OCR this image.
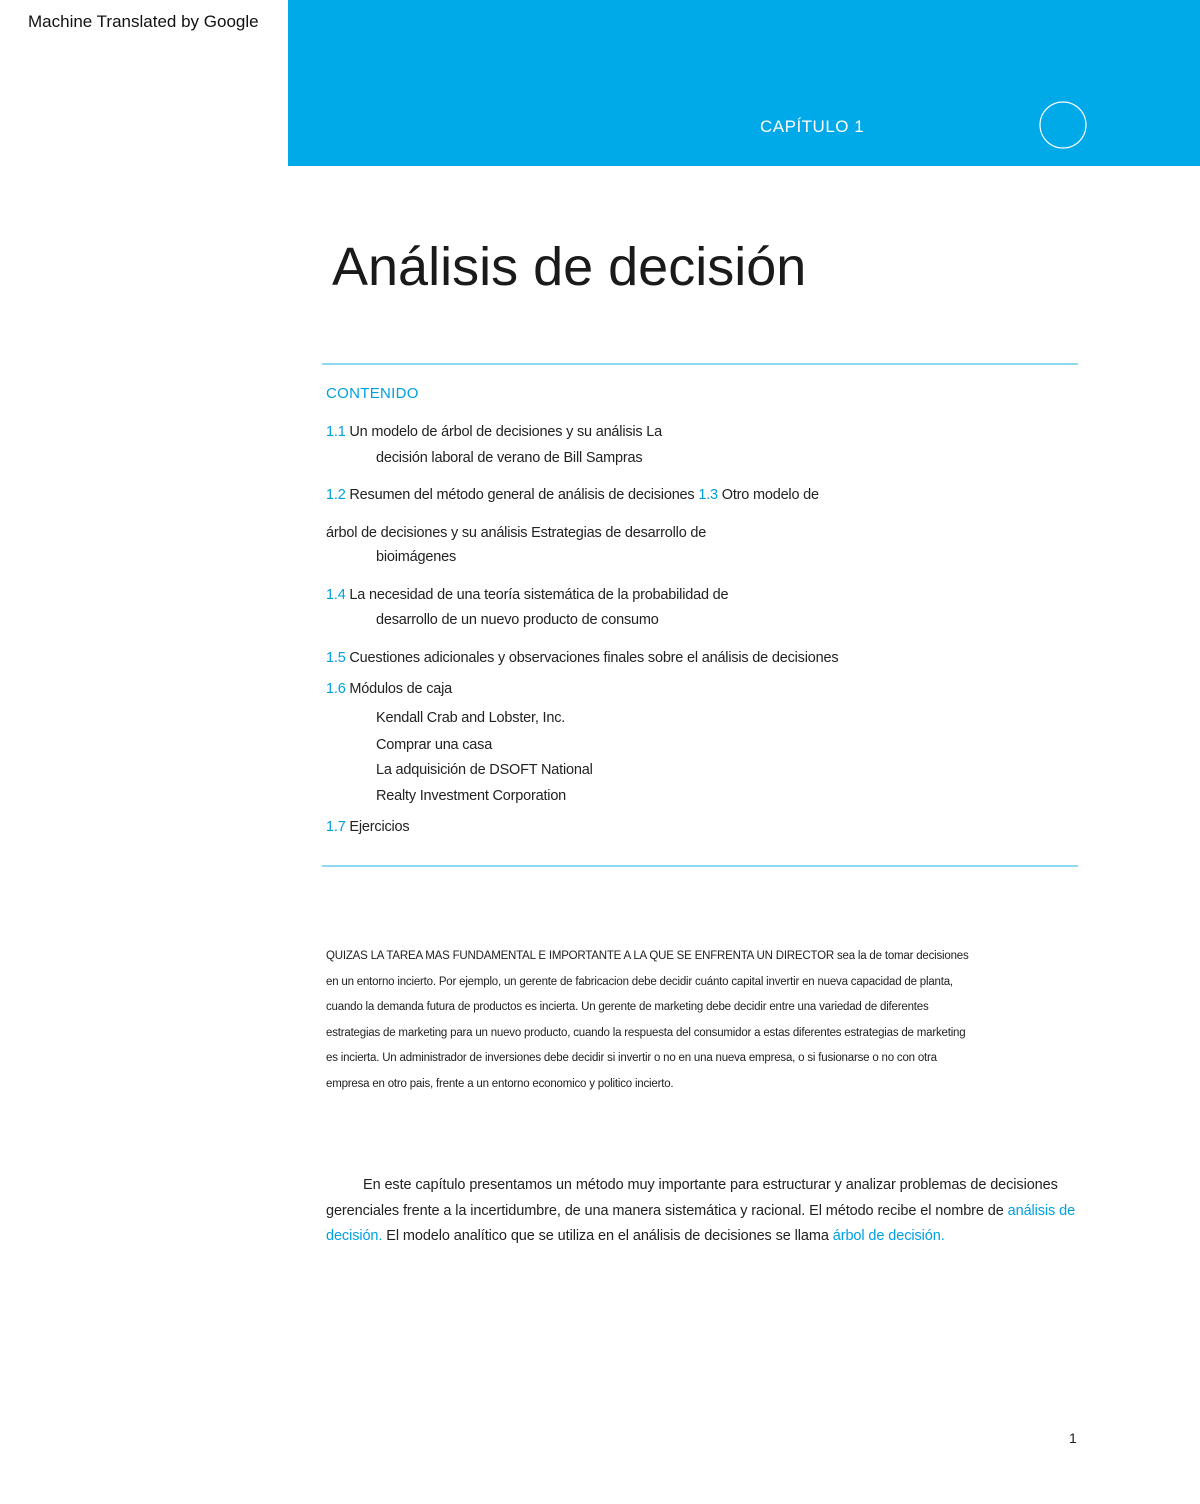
Machine Translated by Google
CAPÍTULO 1
Análisis de decisión
CONTENIDO
1.1 Un modelo de árbol de decisiones y su análisis La
decisión laboral de verano de Bill Sampras
1.2 Resumen del método general de análisis de decisiones 1.3 Otro modelo de
árbol de decisiones y su análisis Estrategias de desarrollo de
bioimágenes
1.4 La necesidad de una teoría sistemática de la probabilidad de
desarrollo de un nuevo producto de consumo
1.5 Cuestiones adicionales y observaciones finales sobre el análisis de decisiones
1.6 Módulos de caja
Kendall Crab and Lobster, Inc.
Comprar una casa
La adquisición de DSOFT National
Realty Investment Corporation
1.7 Ejercicios
QUIZAS LA TAREA MAS FUNDAMENTAL E IMPORTANTE A LA QUE SE ENFRENTA UN DIRECTOR sea la de tomar decisiones
en un entorno incierto. Por ejemplo, un gerente de fabricacion debe decidir cuánto capital invertir en nueva capacidad de planta,
cuando la demanda futura de productos es incierta. Un gerente de marketing debe decidir entre una variedad de diferentes
estrategias de marketing para un nuevo producto, cuando la respuesta del consumidor a estas diferentes estrategias de marketing
es incierta. Un administrador de inversiones debe decidir si invertir o no en una nueva empresa, o si fusionarse o no con otra
empresa en otro pais, frente a un entorno economico y politico incierto.

En este capítulo presentamos un método muy importante para estructurar y analizar problemas de decisiones gerenciales frente a la incertidumbre, de una manera sistemática y racional. El método recibe el nombre de análisis de decisión. El modelo analítico que se utiliza en el análisis de decisiones se llama árbol de decisión.

1
